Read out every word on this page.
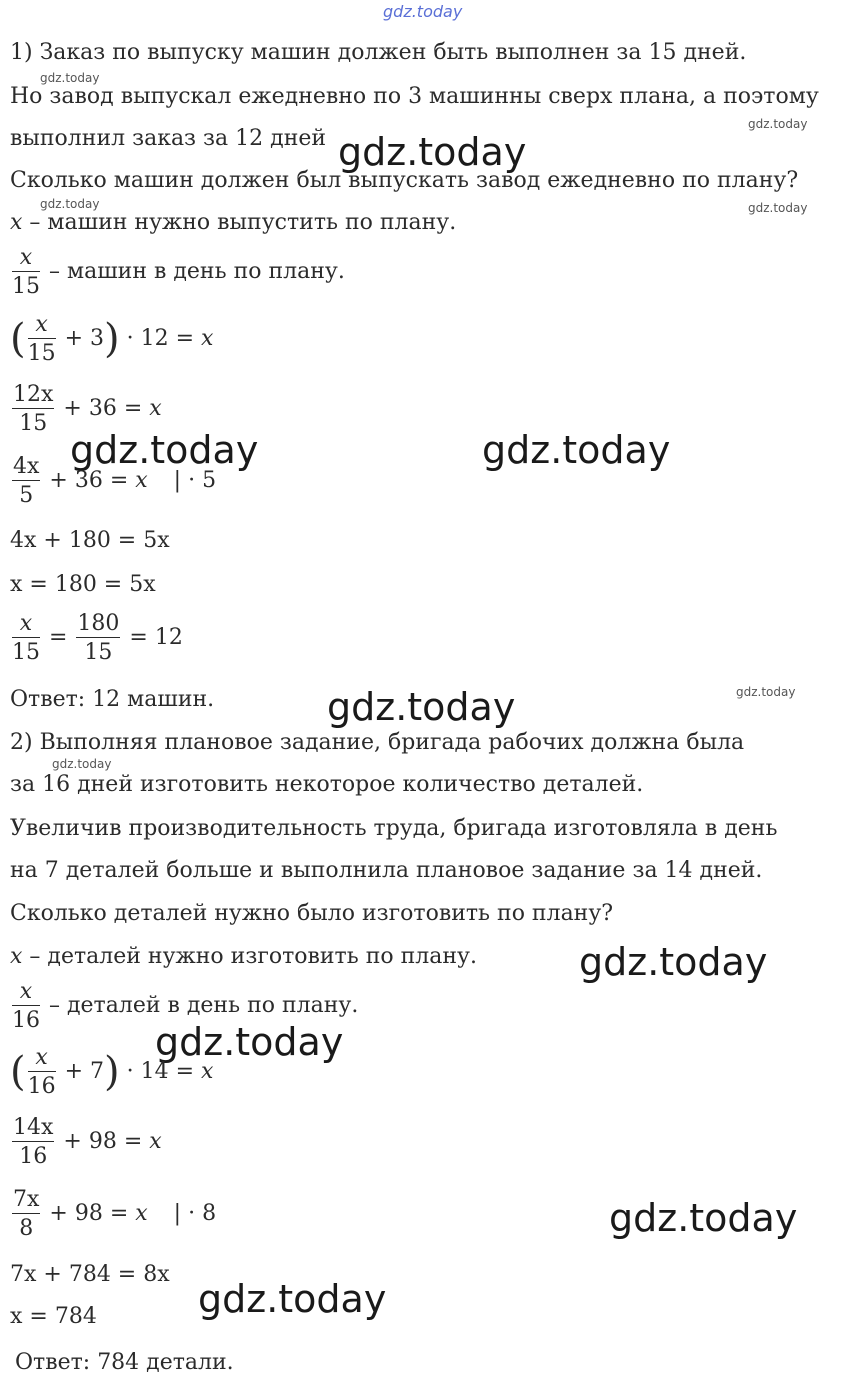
gdz.today
gdz.today
gdz.today
gdz.today
gdz.today	gdz.today
gdz.today	gdz.today
gdz.today	gdz.today
gdz.today
gdz.today
gdz.today
gdz.today
gdz.today
1) Заказ по выпуску машин должен быть выполнен за 15 дней.
Но завод выпускал ежедневно по 3 машинны сверх плана, а поэтому
выполнил заказ за 12 дней
Сколько машин должен был выпускать завод ежедневно по плану?
x – машин нужно выпустить по плану.
$\frac{x}{15}$ – машин в день по плану.
( $\frac{x}{15} + 3) \cdot 12 = x$
$\frac{12x}{15} + 36 = x$
$\frac{4x}{5} + 36 = x$ | · 5
4x + 180 = 5x
x = 180 = 5x
$\frac{x}{15} = \frac{180}{15} = 12$
Ответ: 12 машин.
2) Выполняя плановое задание, бригада рабочих должна была
за 16 дней изготовить некоторое количество деталей.
Увеличив производительность труда, бригада изготовляла в день
на 7 деталей больше и выполнила плановое задание за 14 дней.
Сколько деталей нужно было изготовить по плану?
x – деталей нужно изготовить по плану.
$\frac{x}{16}$ – деталей в день по плану.
( $\frac{x}{16} + 7) \cdot 14 = x$
$\frac{14x}{16} + 98 = x$
$\frac{7x}{8} + 98 = x$ | · 8
7x + 784 = 8x
x = 784
Ответ: 784 детали.
